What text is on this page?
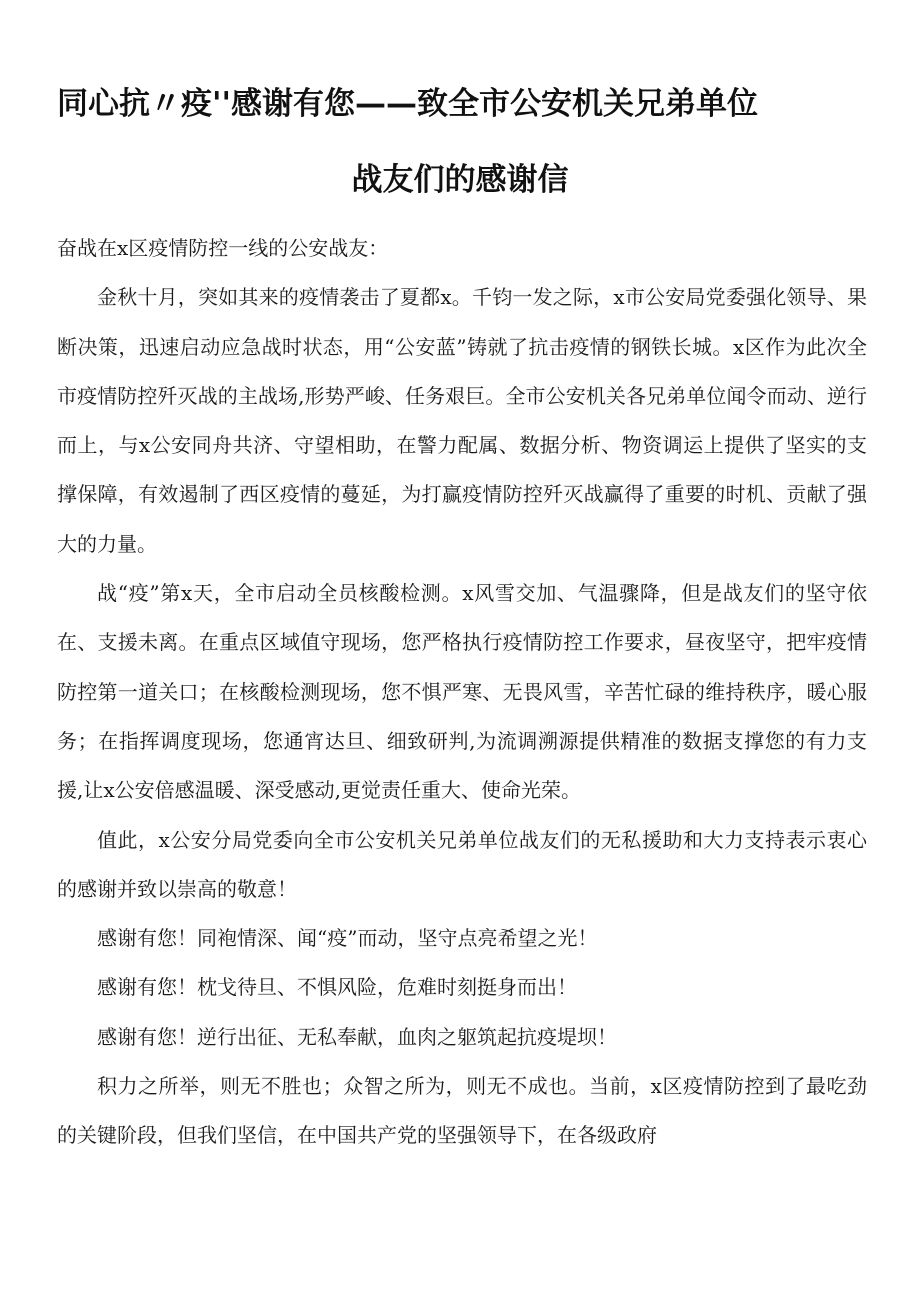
同心抗〃疫''感谢有您——致全市公安机关兄弟单位
战友们的感谢信

奋战在x区疫情防控一线的公安战友：

金秋十月，突如其来的疫情袭击了夏都x。千钧一发之际，x市公安局党委强化领导、果断决策，迅速启动应急战时状态，用“公安蓝”铸就了抗击疫情的钢铁长城。x区作为此次全市疫情防控歼灭战的主战场,形势严峻、任务艰巨。全市公安机关各兄弟单位闻令而动、逆行而上，与x公安同舟共济、守望相助，在警力配属、数据分析、物资调运上提供了坚实的支撑保障，有效遏制了西区疫情的蔓延，为打赢疫情防控歼灭战赢得了重要的时机、贡献了强大的力量。

战“疫”第x天，全市启动全员核酸检测。x风雪交加、气温骤降，但是战友们的坚守依在、支援未离。在重点区域值守现场，您严格执行疫情防控工作要求，昼夜坚守，把牢疫情防控第一道关口；在核酸检测现场，您不惧严寒、无畏风雪，辛苦忙碌的维持秩序，暖心服务；在指挥调度现场，您通宵达旦、细致研判,为流调溯源提供精准的数据支撑您的有力支援,让x公安倍感温暖、深受感动,更觉责任重大、使命光荣。

值此，x公安分局党委向全市公安机关兄弟单位战友们的无私援助和大力支持表示衷心的感谢并致以崇高的敬意！

感谢有您！同袍情深、闻“疫”而动，坚守点亮希望之光！

感谢有您！枕戈待旦、不惧风险，危难时刻挺身而出！

感谢有您！逆行出征、无私奉献，血肉之躯筑起抗疫堤坝！

积力之所举，则无不胜也；众智之所为，则无不成也。当前，x区疫情防控到了最吃劲的关键阶段，但我们坚信，在中国共产党的坚强领导下，在各级政府
